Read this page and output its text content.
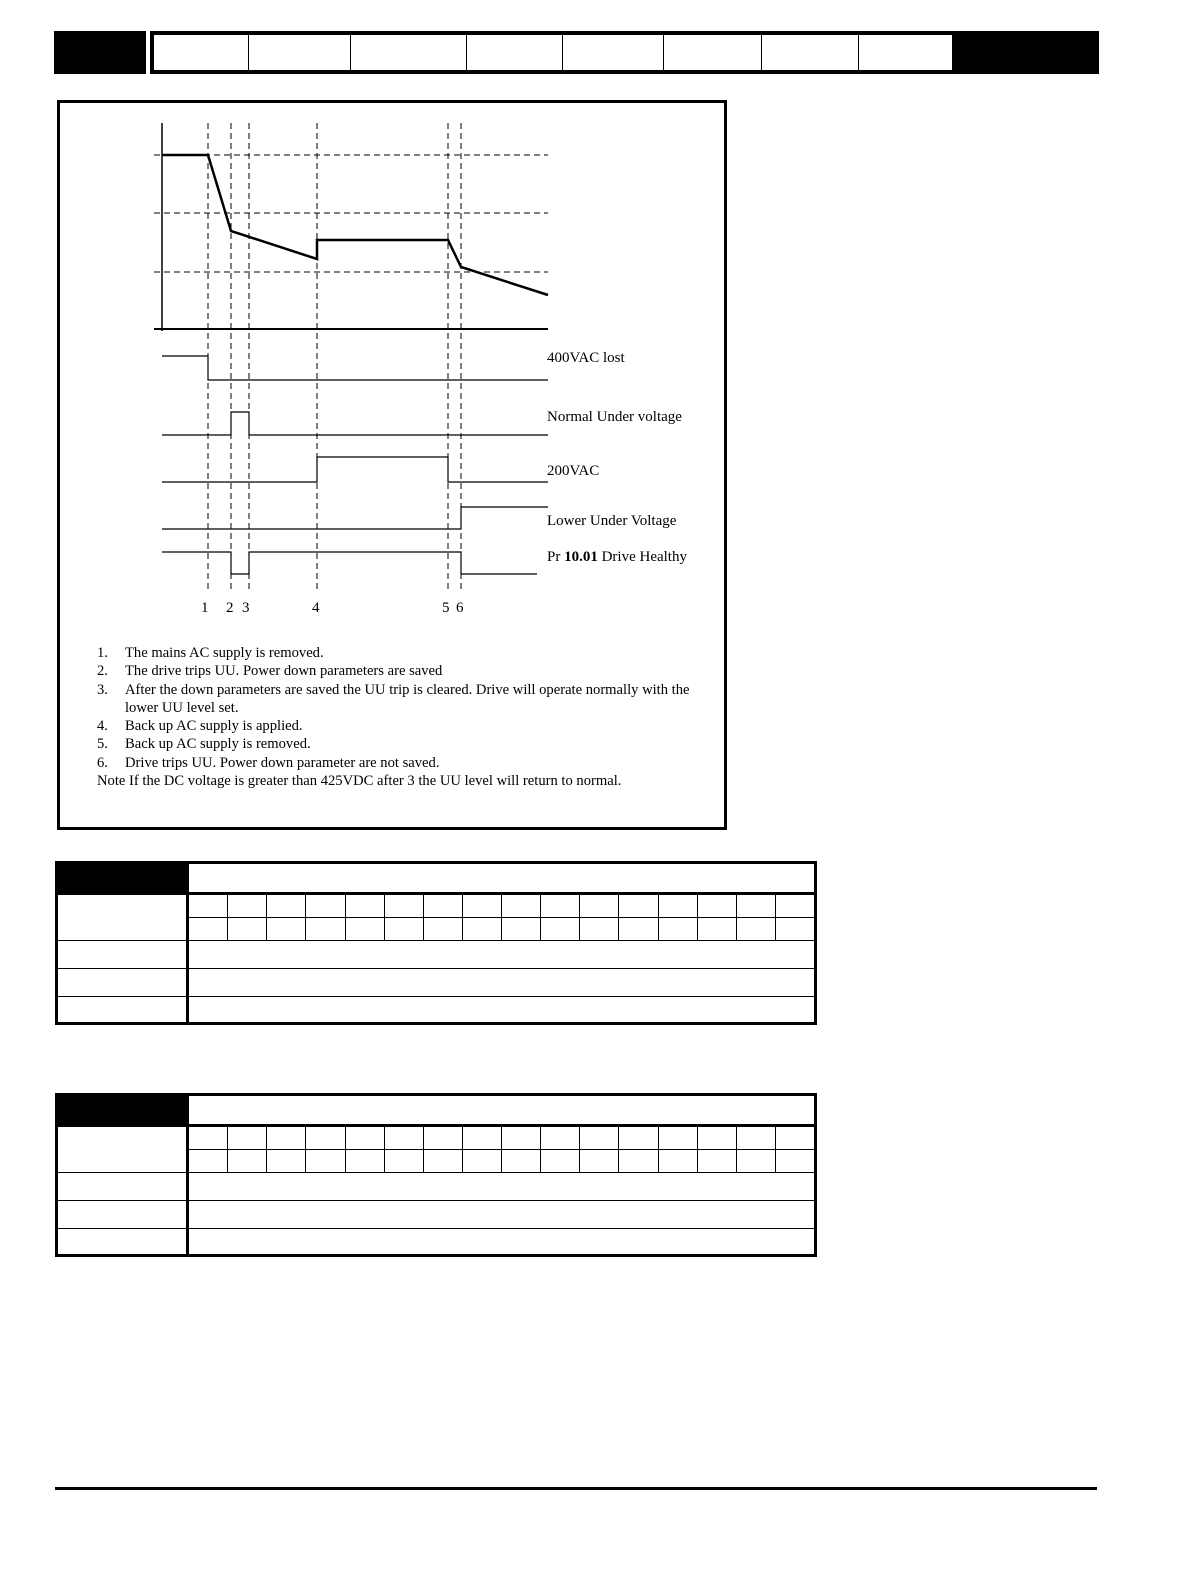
400VAC lost
Normal Under voltage
200VAC
Lower Under Voltage
Pr 10.01 Drive Healthy
1 2 3	4	5 6
1.	The mains AC supply is removed.
2.	The drive trips UU. Power down parameters are saved
3.	After the down parameters are saved the UU trip is cleared. Drive will operate normally with the lower UU level set.
4.	Back up AC supply is applied.
5.	Back up AC supply is removed.
6.	Drive trips UU. Power down parameter are not saved.
Note If the DC voltage is greater than 425VDC after 3 the UU level will return to normal.
